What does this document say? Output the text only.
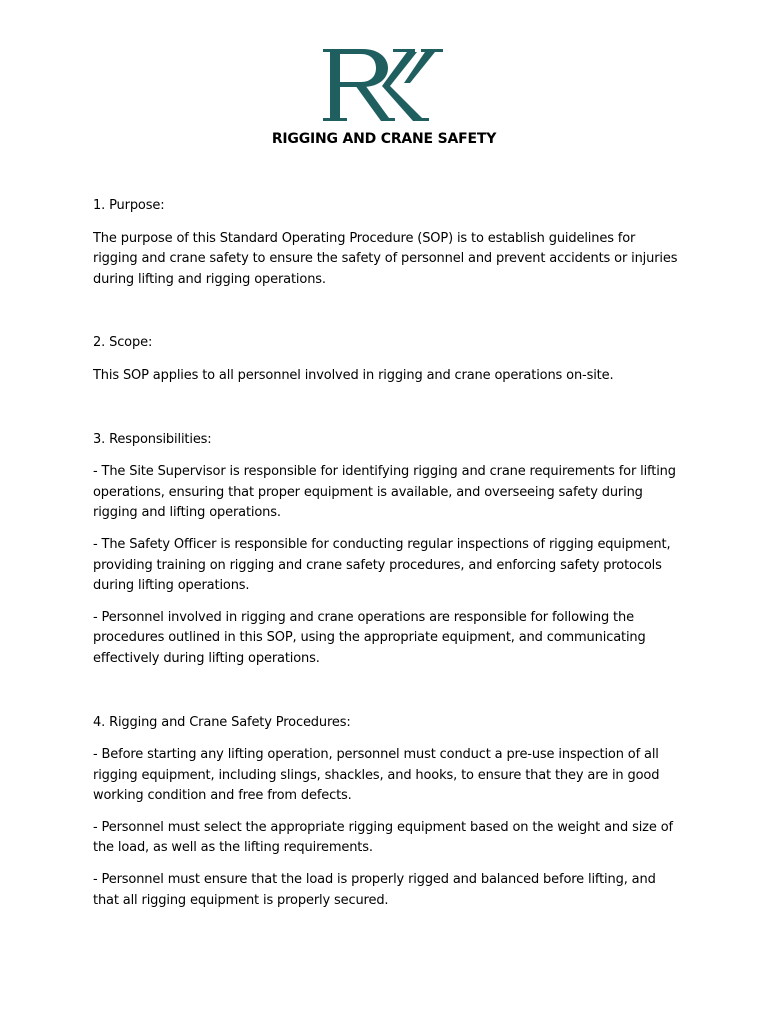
RIGGING AND CRANE SAFETY

1. Purpose:

The purpose of this Standard Operating Procedure (SOP) is to establish guidelines for rigging and crane safety to ensure the safety of personnel and prevent accidents or injuries during lifting and rigging operations.

2. Scope:

This SOP applies to all personnel involved in rigging and crane operations on-site.

3. Responsibilities:

- The Site Supervisor is responsible for identifying rigging and crane requirements for lifting operations, ensuring that proper equipment is available, and overseeing safety during rigging and lifting operations.

- The Safety Officer is responsible for conducting regular inspections of rigging equipment, providing training on rigging and crane safety procedures, and enforcing safety protocols during lifting operations.

- Personnel involved in rigging and crane operations are responsible for following the procedures outlined in this SOP, using the appropriate equipment, and communicating effectively during lifting operations.

4. Rigging and Crane Safety Procedures:

- Before starting any lifting operation, personnel must conduct a pre-use inspection of all rigging equipment, including slings, shackles, and hooks, to ensure that they are in good working condition and free from defects.

- Personnel must select the appropriate rigging equipment based on the weight and size of the load, as well as the lifting requirements.

- Personnel must ensure that the load is properly rigged and balanced before lifting, and that all rigging equipment is properly secured.
